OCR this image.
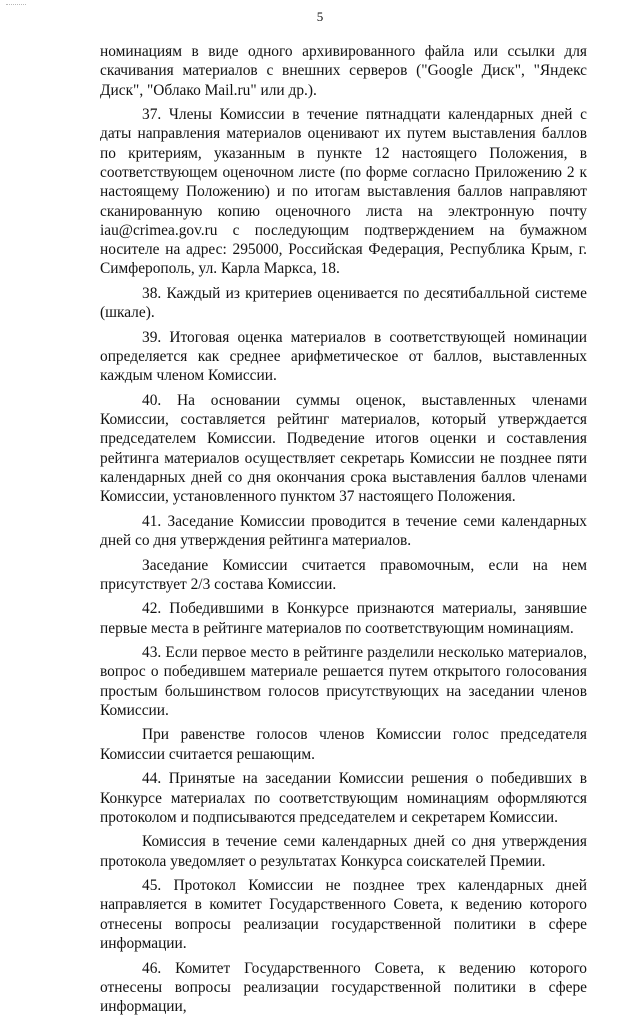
5

номинациям в виде одного архивированного файла или ссылки для скачивания материалов с внешних серверов ("Google Диск", "Яндекс Диск", "Облако Mail.ru" или др.).

37. Члены Комиссии в течение пятнадцати календарных дней с даты направления материалов оценивают их путем выставления баллов по критериям, указанным в пункте 12 настоящего Положения, в соответствующем оценочном листе (по форме согласно Приложению 2 к настоящему Положению) и по итогам выставления баллов направляют сканированную копию оценочного листа на электронную почту iau@crimea.gov.ru с последующим подтверждением на бумажном носителе на адрес: 295000, Российская Федерация, Республика Крым, г. Симферополь, ул. Карла Маркса, 18.

38. Каждый из критериев оценивается по десятибалльной системе (шкале).

39. Итоговая оценка материалов в соответствующей номинации определяется как среднее арифметическое от баллов, выставленных каждым членом Комиссии.

40. На основании суммы оценок, выставленных членами Комиссии, составляется рейтинг материалов, который утверждается председателем Комиссии. Подведение итогов оценки и составления рейтинга материалов осуществляет секретарь Комиссии не позднее пяти календарных дней со дня окончания срока выставления баллов членами Комиссии, установленного пунктом 37 настоящего Положения.

41. Заседание Комиссии проводится в течение семи календарных дней со дня утверждения рейтинга материалов.

Заседание Комиссии считается правомочным, если на нем присутствует 2/3 состава Комиссии.

42. Победившими в Конкурсе признаются материалы, занявшие первые места в рейтинге материалов по соответствующим номинациям.

43. Если первое место в рейтинге разделили несколько материалов, вопрос о победившем материале решается путем открытого голосования простым большинством голосов присутствующих на заседании членов Комиссии.

При равенстве голосов членов Комиссии голос председателя Комиссии считается решающим.

44. Принятые на заседании Комиссии решения о победивших в Конкурсе материалах по соответствующим номинациям оформляются протоколом и подписываются председателем и секретарем Комиссии.

Комиссия в течение семи календарных дней со дня утверждения протокола уведомляет о результатах Конкурса соискателей Премии.

45. Протокол Комиссии не позднее трех календарных дней направляется в комитет Государственного Совета, к ведению которого отнесены вопросы реализации государственной политики в сфере информации.

46. Комитет Государственного Совета, к ведению которого отнесены вопросы реализации государственной политики в сфере информации,
